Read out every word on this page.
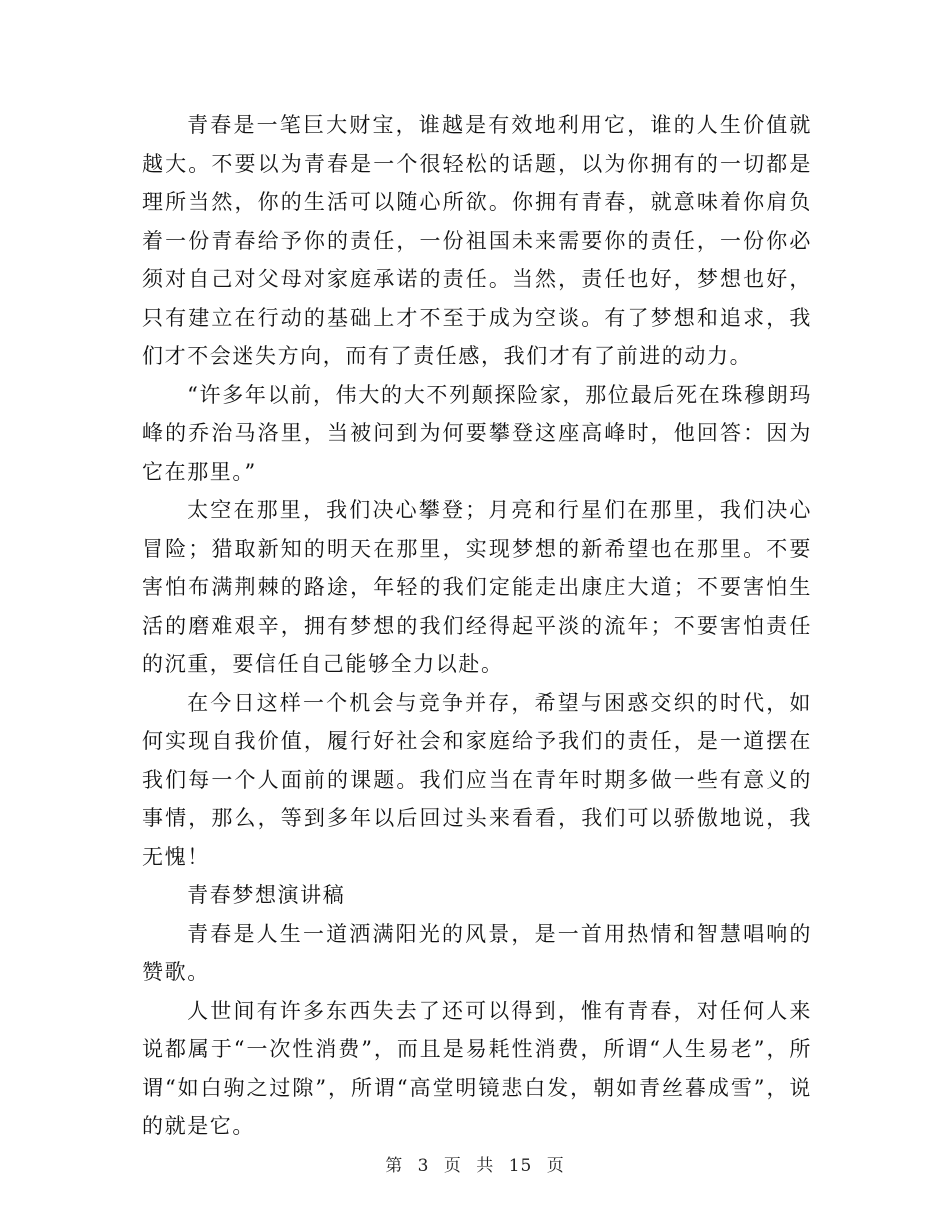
青春是一笔巨大财宝，谁越是有效地利用它，谁的人生价值就越大。不要以为青春是一个很轻松的话题，以为你拥有的一切都是理所当然，你的生活可以随心所欲。你拥有青春，就意味着你肩负着一份青春给予你的责任，一份祖国未来需要你的责任，一份你必须对自己对父母对家庭承诺的责任。当然，责任也好，梦想也好，只有建立在行动的基础上才不至于成为空谈。有了梦想和追求，我们才不会迷失方向，而有了责任感，我们才有了前进的动力。

“许多年以前，伟大的大不列颠探险家，那位最后死在珠穆朗玛峰的乔治马洛里，当被问到为何要攀登这座高峰时，他回答：因为它在那里。”

太空在那里，我们决心攀登；月亮和行星们在那里，我们决心冒险；猎取新知的明天在那里，实现梦想的新希望也在那里。不要害怕布满荆棘的路途，年轻的我们定能走出康庄大道；不要害怕生活的磨难艰辛，拥有梦想的我们经得起平淡的流年；不要害怕责任的沉重，要信任自己能够全力以赴。

在今日这样一个机会与竞争并存，希望与困惑交织的时代，如何实现自我价值，履行好社会和家庭给予我们的责任，是一道摆在我们每一个人面前的课题。我们应当在青年时期多做一些有意义的事情，那么，等到多年以后回过头来看看，我们可以骄傲地说，我无愧！

青春梦想演讲稿

青春是人生一道洒满阳光的风景，是一首用热情和智慧唱响的赞歌。

人世间有许多东西失去了还可以得到，惟有青春，对任何人来说都属于“一次性消费”，而且是易耗性消费，所谓“人生易老”，所谓“如白驹之过隙”，所谓“高堂明镜悲白发，朝如青丝暮成雪”，说的就是它。

第 3 页 共 15 页
